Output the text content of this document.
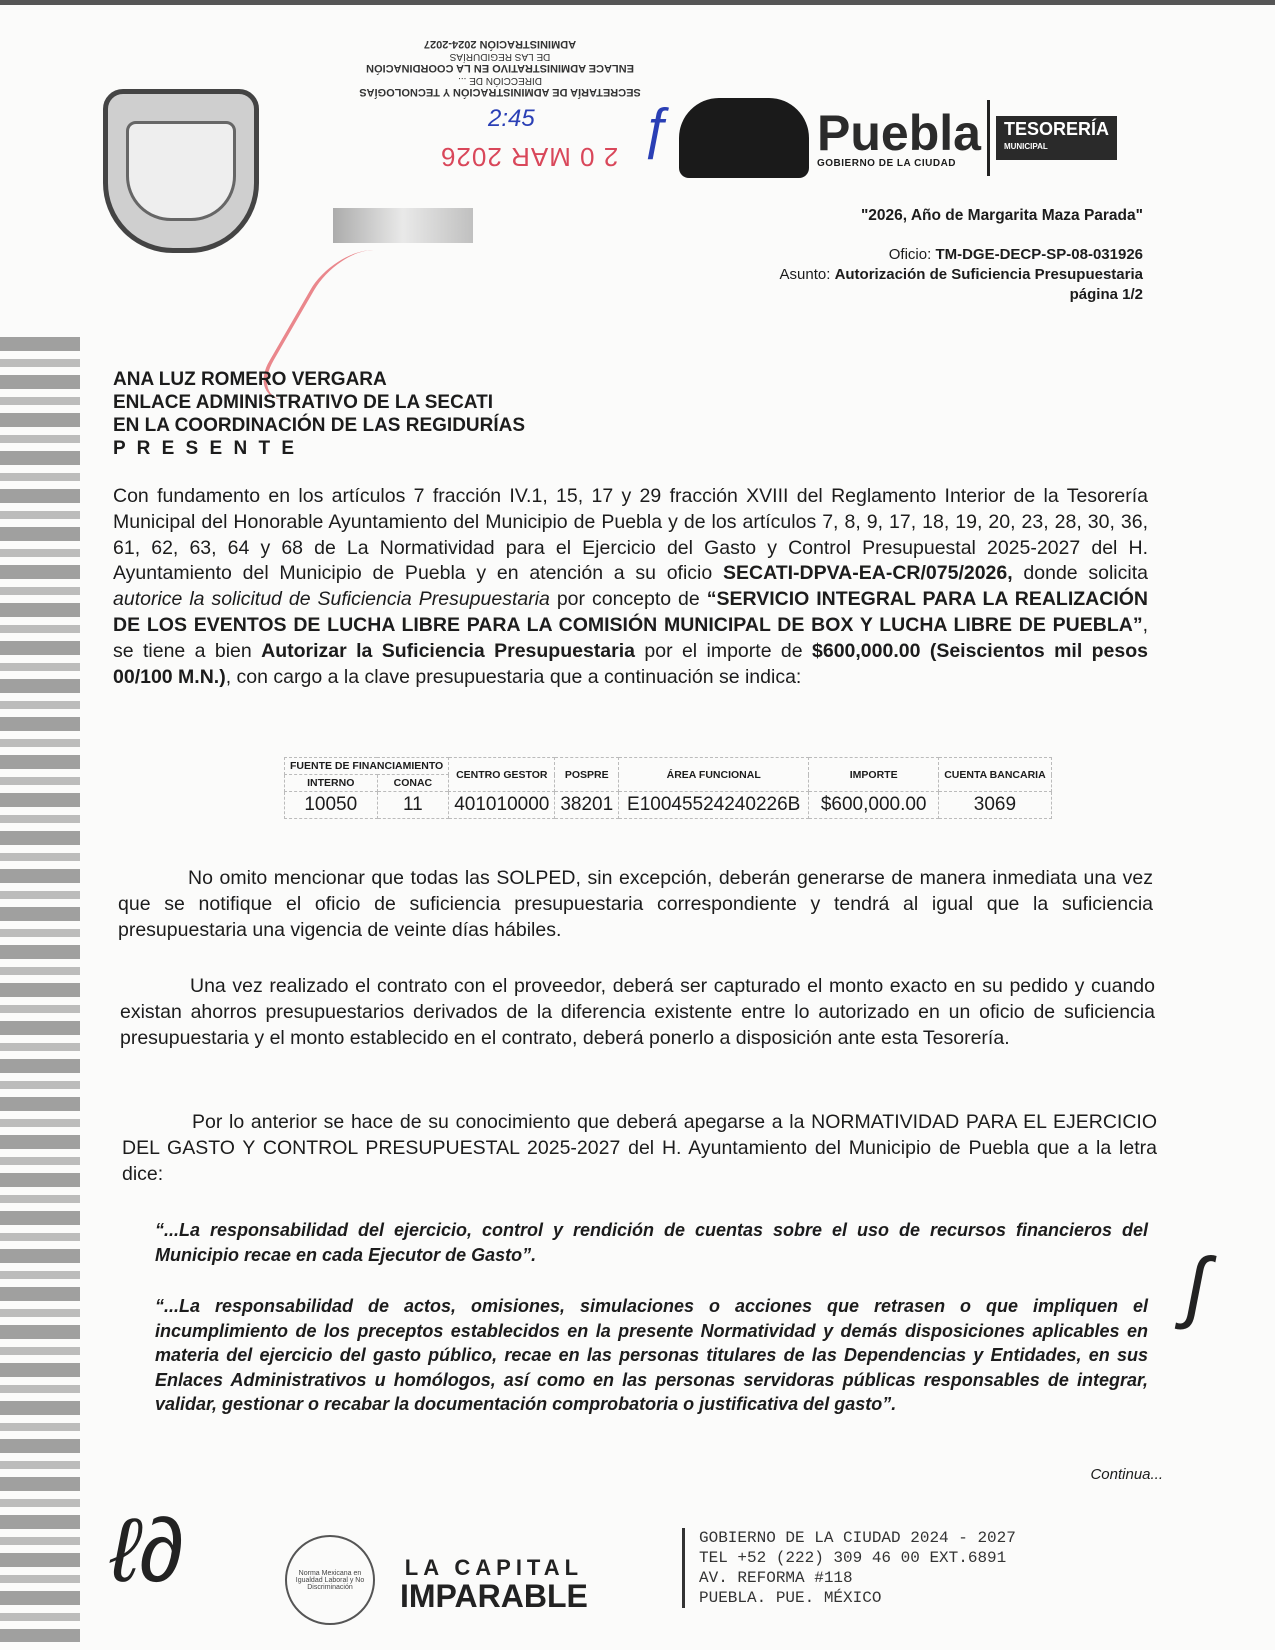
SECRETARÍA DE ADMINISTRACIÓN Y TECNOLOGÍAS
DIRECCIÓN DE ...
ENLACE ADMINISTRATIVO EN LA COORDINACIÓN
DE LAS REGIDURÍAS
ADMINISTRACIÓN 2024-2027
2:45
2 0 MAR 2026 ƒ	Puebla
GOBIERNO DE LA CIUDAD
TESORERÍA
MUNICIPAL
"2026, Año de Margarita Maza Parada"
Oficio: TM-DGE-DECP-SP-08-031926
Asunto: Autorización de Suficiencia Presupuestaria
página 1/2
ANA LUZ ROMERO VERGARA
ENLACE ADMINISTRATIVO DE LA SECATI
EN LA COORDINACIÓN DE LAS REGIDURÍAS
P R E S E N T E
Con fundamento en los artículos 7 fracción IV.1, 15, 17 y 29 fracción XVIII del Reglamento Interior de la Tesorería Municipal del Honorable Ayuntamiento del Municipio de Puebla y de los artículos 7, 8, 9, 17, 18, 19, 20, 23, 28, 30, 36, 61, 62, 63, 64 y 68 de La Normatividad para el Ejercicio del Gasto y Control Presupuestal 2025-2027 del H. Ayuntamiento del Municipio de Puebla y en atención a su oficio SECATI-DPVA-EA-CR/075/2026, donde solicita autorice la solicitud de Suficiencia Presupuestaria por concepto de “SERVICIO INTEGRAL PARA LA REALIZACIÓN DE LOS EVENTOS DE LUCHA LIBRE PARA LA COMISIÓN MUNICIPAL DE BOX Y LUCHA LIBRE DE PUEBLA”, se tiene a bien Autorizar la Suficiencia Presupuestaria por el importe de $600,000.00 (Seiscientos mil pesos 00/100 M.N.), con cargo a la clave presupuestaria que a continuación se indica:
FUENTE DE FINANCIAMIENTO		CENTRO GESTOR	POSPRE	ÁREA FUNCIONAL	IMPORTE	CUENTA BANCARIA
INTERNO	CONAC					
10050	11	401010000	38201	E10045524240226B	$600,000.00	3069
No omito mencionar que todas las SOLPED, sin excepción, deberán generarse de manera inmediata una vez que se notifique el oficio de suficiencia presupuestaria correspondiente y tendrá al igual que la suficiencia presupuestaria una vigencia de veinte días hábiles.
Una vez realizado el contrato con el proveedor, deberá ser capturado el monto exacto en su pedido y cuando existan ahorros presupuestarios derivados de la diferencia existente entre lo autorizado en un oficio de suficiencia presupuestaria y el monto establecido en el contrato, deberá ponerlo a disposición ante esta Tesorería.
Por lo anterior se hace de su conocimiento que deberá apegarse a la NORMATIVIDAD PARA EL EJERCICIO DEL GASTO Y CONTROL PRESUPUESTAL 2025-2027 del H. Ayuntamiento del Municipio de Puebla que a la letra dice:
“...La responsabilidad del ejercicio, control y rendición de cuentas sobre el uso de recursos financieros del Municipio recae en cada Ejecutor de Gasto”.
“...La responsabilidad de actos, omisiones, simulaciones o acciones que retrasen o que impliquen el incumplimiento de los preceptos establecidos en la presente Normatividad y demás disposiciones aplicables en materia del ejercicio del gasto público, recae en las personas titulares de las Dependencias y Entidades, en sus Enlaces Administrativos u homólogos, así como en las personas servidoras públicas responsables de integrar, validar, gestionar o recabar la documentación comprobatoria o justificativa del gasto”.
ʃ
Continua...
ℓ∂	Norma Mexicana en Igualdad Laboral y No Discriminación
LA CAPITAL
IMPARABLE
GOBIERNO DE LA CIUDAD 2024 - 2027
TEL +52 (222) 309 46 00 EXT.6891
AV. REFORMA #118
PUEBLA. PUE. MÉXICO
